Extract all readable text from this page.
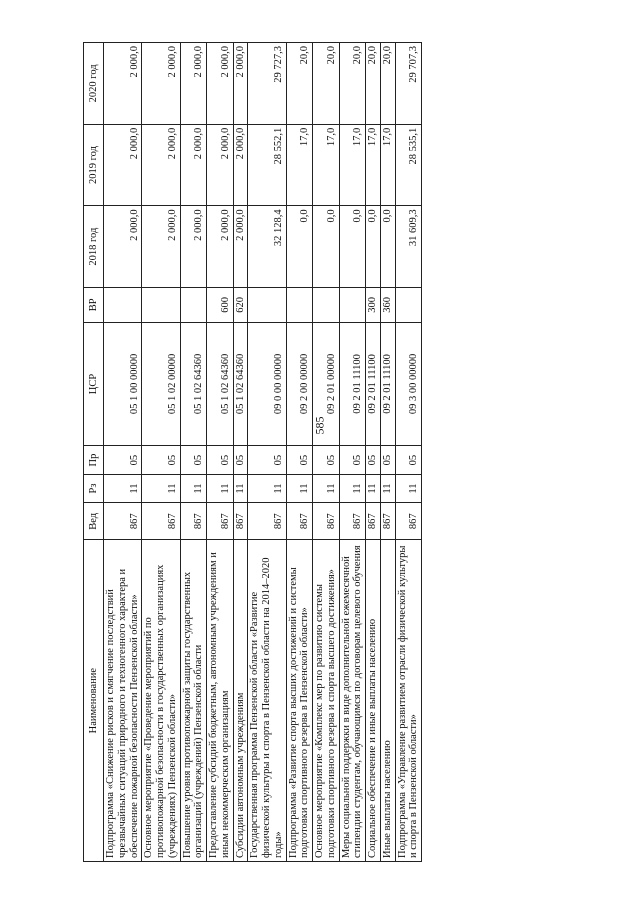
585
Наименование	Вед	Рз	Пр	ЦСР	ВР	2018 год	2019 год	2020 год
Подпрограмма «Снижение рисков и смягчение последствий чрезвычайных ситуаций природного и техногенного характера и обеспечение пожарной безопасности Пензенской области»	867	11	05	05 1 00 00000		2 000,0	2 000,0	2 000,0
Основное мероприятие «Проведение мероприятий по противопожарной безопасности в государственных организациях (учреждениях) Пензенской области»	867	11	05	05 1 02 00000		2 000,0	2 000,0	2 000,0
Повышение уровня противопожарной защиты государственных организаций (учреждений) Пензенской области	867	11	05	05 1 02 64360		2 000,0	2 000,0	2 000,0
Предоставление субсидий бюджетным, автономным учреждениям и иным некоммерческим организациям	867	11	05	05 1 02 64360	600	2 000,0	2 000,0	2 000,0
Субсидии автономным учреждениям	867	11	05	05 1 02 64360	620	2 000,0	2 000,0	2 000,0
Государственная программа Пензенской области «Развитие физической культуры и спорта в Пензенской области на 2014–2020 годы»	867	11	05	09 0 00 00000		32 128,4	28 552,1	29 727,3
Подпрограмма «Развитие спорта высших достижений и системы подготовки спортивного резерва в Пензенской области»	867	11	05	09 2 00 00000		0,0	17,0	20,0
Основное мероприятие «Комплекс мер по развитию системы подготовки спортивного резерва и спорта высшего достижения»	867	11	05	09 2 01 00000		0,0	17,0	20,0
Меры социальной поддержки в виде дополнительной ежемесячной стипендии студентам, обучающимся по договорам целевого обучения	867	11	05	09 2 01 11100		0,0	17,0	20,0
Социальное обеспечение и иные выплаты населению	867	11	05	09 2 01 11100	300	0,0	17,0	20,0
Иные выплаты населению	867	11	05	09 2 01 11100	360	0,0	17,0	20,0
Подпрограмма «Управление развитием отрасли физической культуры и спорта в Пензенской области»	867	11	05	09 3 00 00000		31 609,3	28 535,1	29 707,3
